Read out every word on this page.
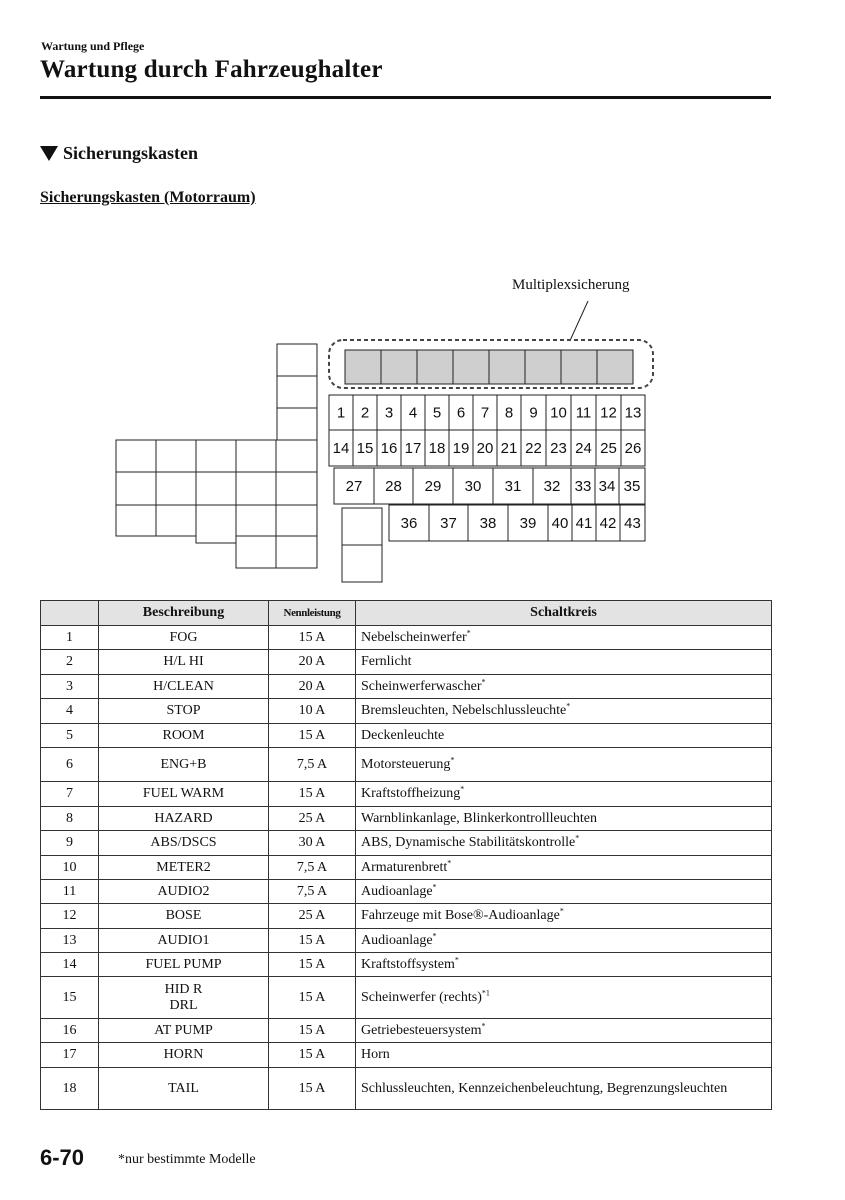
Wartung und Pflege
Wartung durch Fahrzeughalter
Sicherungskasten
Sicherungskasten (Motorraum)
Multiplexsicherung
1 2 3 4 5 6 7 8 9 10 11 12 13
14 15 16 17 18 19 20 21 22 23 24 25 26
27 28 29 30 31 32 33 34 35
36 37 38 39 40 41 42 43
	Beschreibung	Nennleistung	Schaltkreis
1	FOG	15 A	Nebelscheinwerfer*
2	H/L HI	20 A	Fernlicht
3	H/CLEAN	20 A	Scheinwerferwascher*
4	STOP	10 A	Bremsleuchten, Nebelschlussleuchte*
5	ROOM	15 A	Deckenleuchte
6	ENG+B	7,5 A	Motorsteuerung*
7	FUEL WARM	15 A	Kraftstoffheizung*
8	HAZARD	25 A	Warnblinkanlage, Blinkerkontrollleuchten
9	ABS/DSCS	30 A	ABS, Dynamische Stabilitätskontrolle*
10	METER2	7,5 A	Armaturenbrett*
11	AUDIO2	7,5 A	Audioanlage*
12	BOSE	25 A	Fahrzeuge mit Bose®-Audioanlage*
13	AUDIO1	15 A	Audioanlage*
14	FUEL PUMP	15 A	Kraftstoffsystem*
15	HID R
DRL	15 A	Scheinwerfer (rechts)$^{*1}$
16	AT PUMP	15 A	Getriebesteuersystem*
17	HORN	15 A	Horn
18	TAIL	15 A	Schlussleuchten, Kennzeichenbeleuchtung, Begrenzungsleuchten
6-70 *nur bestimmte Modelle
